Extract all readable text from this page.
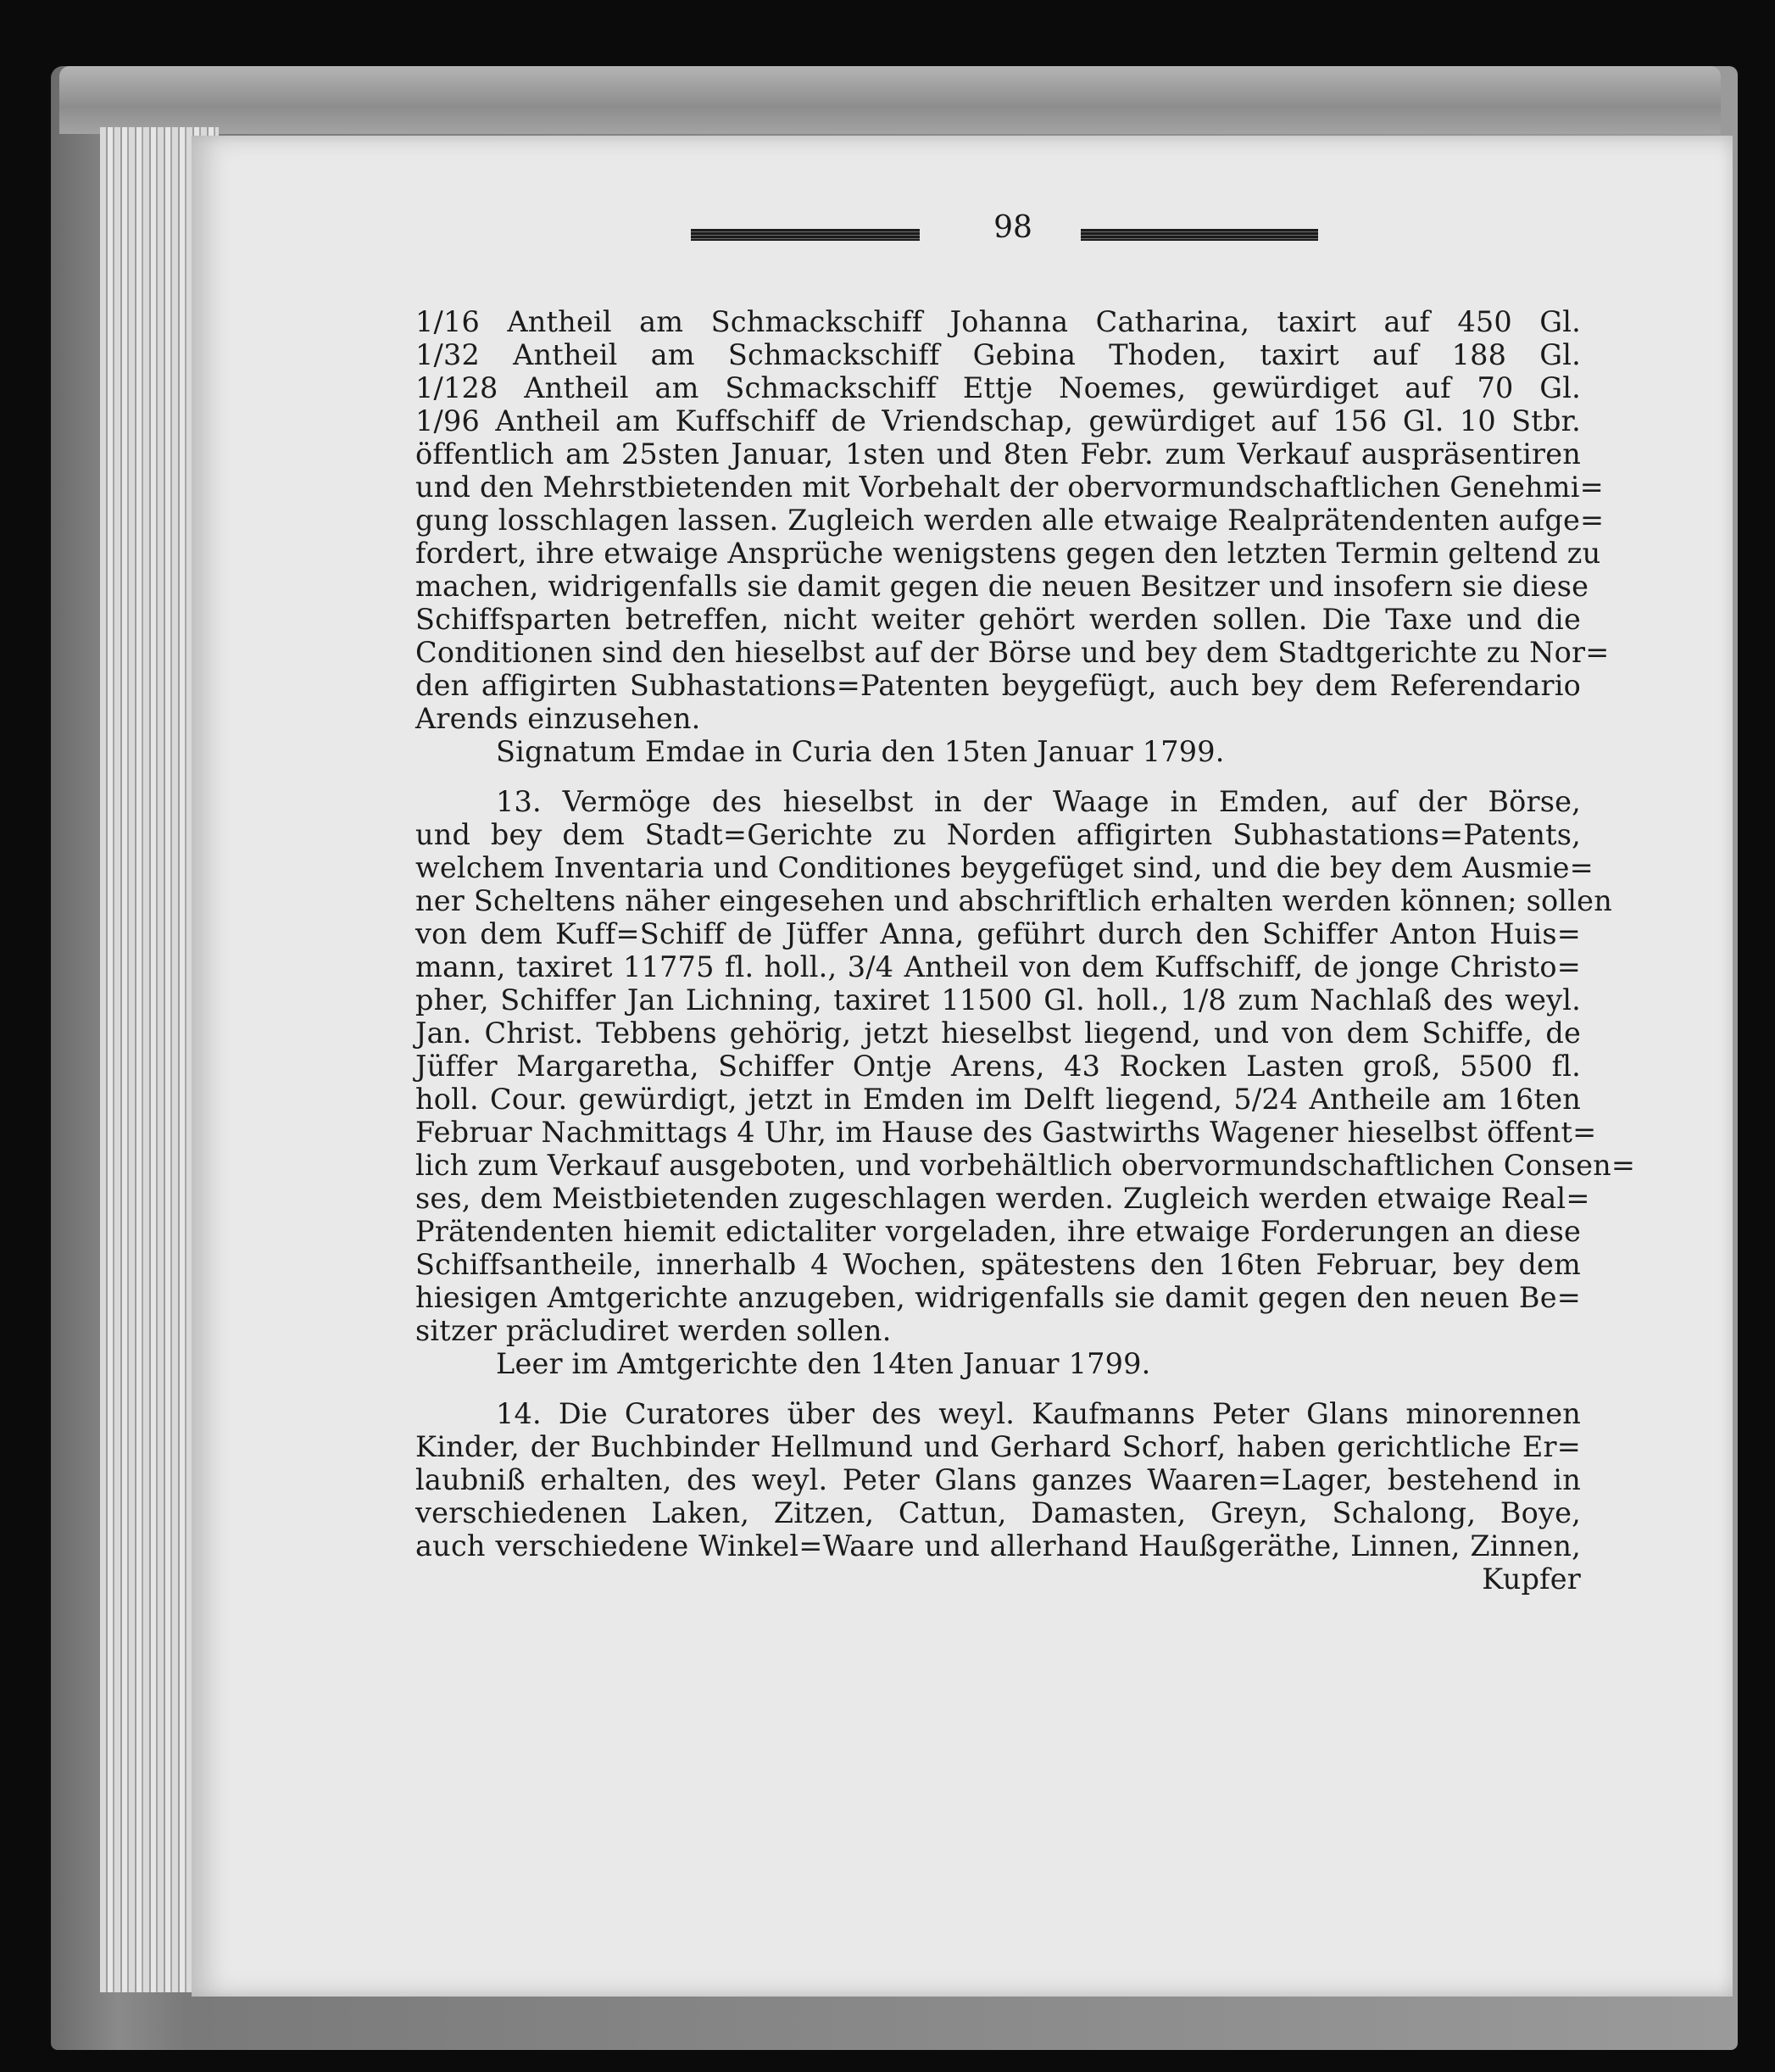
98
1/16 Antheil am Schmackschiff Johanna Catharina, taxirt auf 450 Gl.
1/32 Antheil am Schmackschiff Gebina Thoden, taxirt auf 188 Gl.
1/128 Antheil am Schmackschiff Ettje Noemes, gewürdiget auf 70 Gl.
1/96 Antheil am Kuffschiff de Vriendschap, gewürdiget auf 156 Gl. 10 Stbr.
öffentlich am 25sten Januar, 1sten und 8ten Febr. zum Verkauf auspräsentiren
und den Mehrstbietenden mit Vorbehalt der obervormundschaftlichen Genehmi=
gung losschlagen lassen. Zugleich werden alle etwaige Realprätendenten aufge=
fordert, ihre etwaige Ansprüche wenigstens gegen den letzten Termin geltend zu
machen, widrigenfalls sie damit gegen die neuen Besitzer und insofern sie diese
Schiffsparten betreffen, nicht weiter gehört werden sollen. Die Taxe und die
Conditionen sind den hieselbst auf der Börse und bey dem Stadtgerichte zu Nor=
den affigirten Subhastations=Patenten beygefügt, auch bey dem Referendario
Arends einzusehen.
Signatum Emdae in Curia den 15ten Januar 1799.
13. Vermöge des hieselbst in der Waage in Emden, auf der Börse,
und bey dem Stadt=Gerichte zu Norden affigirten Subhastations=Patents,
welchem Inventaria und Conditiones beygefüget sind, und die bey dem Ausmie=
ner Scheltens näher eingesehen und abschriftlich erhalten werden können; sollen
von dem Kuff=Schiff de Jüffer Anna, geführt durch den Schiffer Anton Huis=
mann, taxiret 11775 fl. holl., 3/4 Antheil von dem Kuffschiff, de jonge Christo=
pher, Schiffer Jan Lichning, taxiret 11500 Gl. holl., 1/8 zum Nachlaß des weyl.
Jan. Christ. Tebbens gehörig, jetzt hieselbst liegend, und von dem Schiffe, de
Jüffer Margaretha, Schiffer Ontje Arens, 43 Rocken Lasten groß, 5500 fl.
holl. Cour. gewürdigt, jetzt in Emden im Delft liegend, 5/24 Antheile am 16ten
Februar Nachmittags 4 Uhr, im Hause des Gastwirths Wagener hieselbst öffent=
lich zum Verkauf ausgeboten, und vorbehältlich obervormundschaftlichen Consen=
ses, dem Meistbietenden zugeschlagen werden. Zugleich werden etwaige Real=
Prätendenten hiemit edictaliter vorgeladen, ihre etwaige Forderungen an diese
Schiffsantheile, innerhalb 4 Wochen, spätestens den 16ten Februar, bey dem
hiesigen Amtgerichte anzugeben, widrigenfalls sie damit gegen den neuen Be=
sitzer präcludiret werden sollen.
Leer im Amtgerichte den 14ten Januar 1799.
14. Die Curatores über des weyl. Kaufmanns Peter Glans minorennen
Kinder, der Buchbinder Hellmund und Gerhard Schorf, haben gerichtliche Er=
laubniß erhalten, des weyl. Peter Glans ganzes Waaren=Lager, bestehend in
verschiedenen Laken, Zitzen, Cattun, Damasten, Greyn, Schalong, Boye,
auch verschiedene Winkel=Waare und allerhand Haußgeräthe, Linnen, Zinnen,
Kupfer
